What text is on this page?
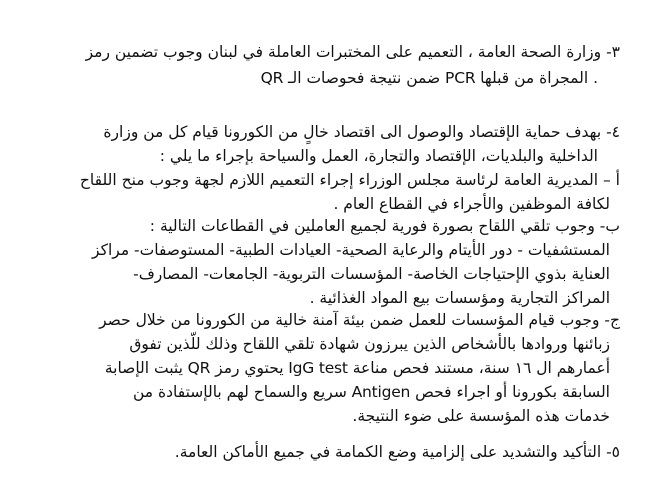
٣- وزارة الصحة العامة ، التعميم على المختبرات العاملة في لبنان وجوب تضمين رمز
QR ضمن نتيجة فحوصات الـ PCR المجراة من قبلها .
٤- بهدف حماية الإقتصاد والوصول الى اقتصاد خالٍ من الكورونا قيام كل من وزارة
الداخلية والبلديات، الإقتصاد والتجارة، العمل والسياحة بإجراء ما يلي :
أ – المديرية العامة لرئاسة مجلس الوزراء إجراء التعميم اللازم لجهة وجوب منح اللقاح
لكافة الموظفين والأجراء في القطاع العام .
ب- وجوب تلقي اللقاح بصورة فورية لجميع العاملين في القطاعات التالية :
المستشفيات - دور الأيتام والرعاية الصحية- العيادات الطبية- المستوصفات- مراكز
العناية بذوي الإحتياجات الخاصة- المؤسسات التربوية- الجامعات- المصارف-
المراكز التجارية ومؤسسات بيع المواد الغذائية .
ج- وجوب قيام المؤسسات للعمل ضمن بيئة آمنة خالية من الكورونا من خلال حصر
زبائنها وروادها بالأشخاص الذين يبرزون شهادة تلقي اللقاح وذلك للّذين تفوق
أعمارهم ال ١٦ سنة، مستند فحص مناعة IgG test يحتوي رمز QR يثبت الإصابة
السابقة بكورونا أو اجراء فحص Antigen سريع والسماح لهم بالإستفادة من
خدمات هذه المؤسسة على ضوء النتيجة.
٥- التأكيد والتشديد على إلزامية وضع الكمامة في جميع الأماكن العامة.
